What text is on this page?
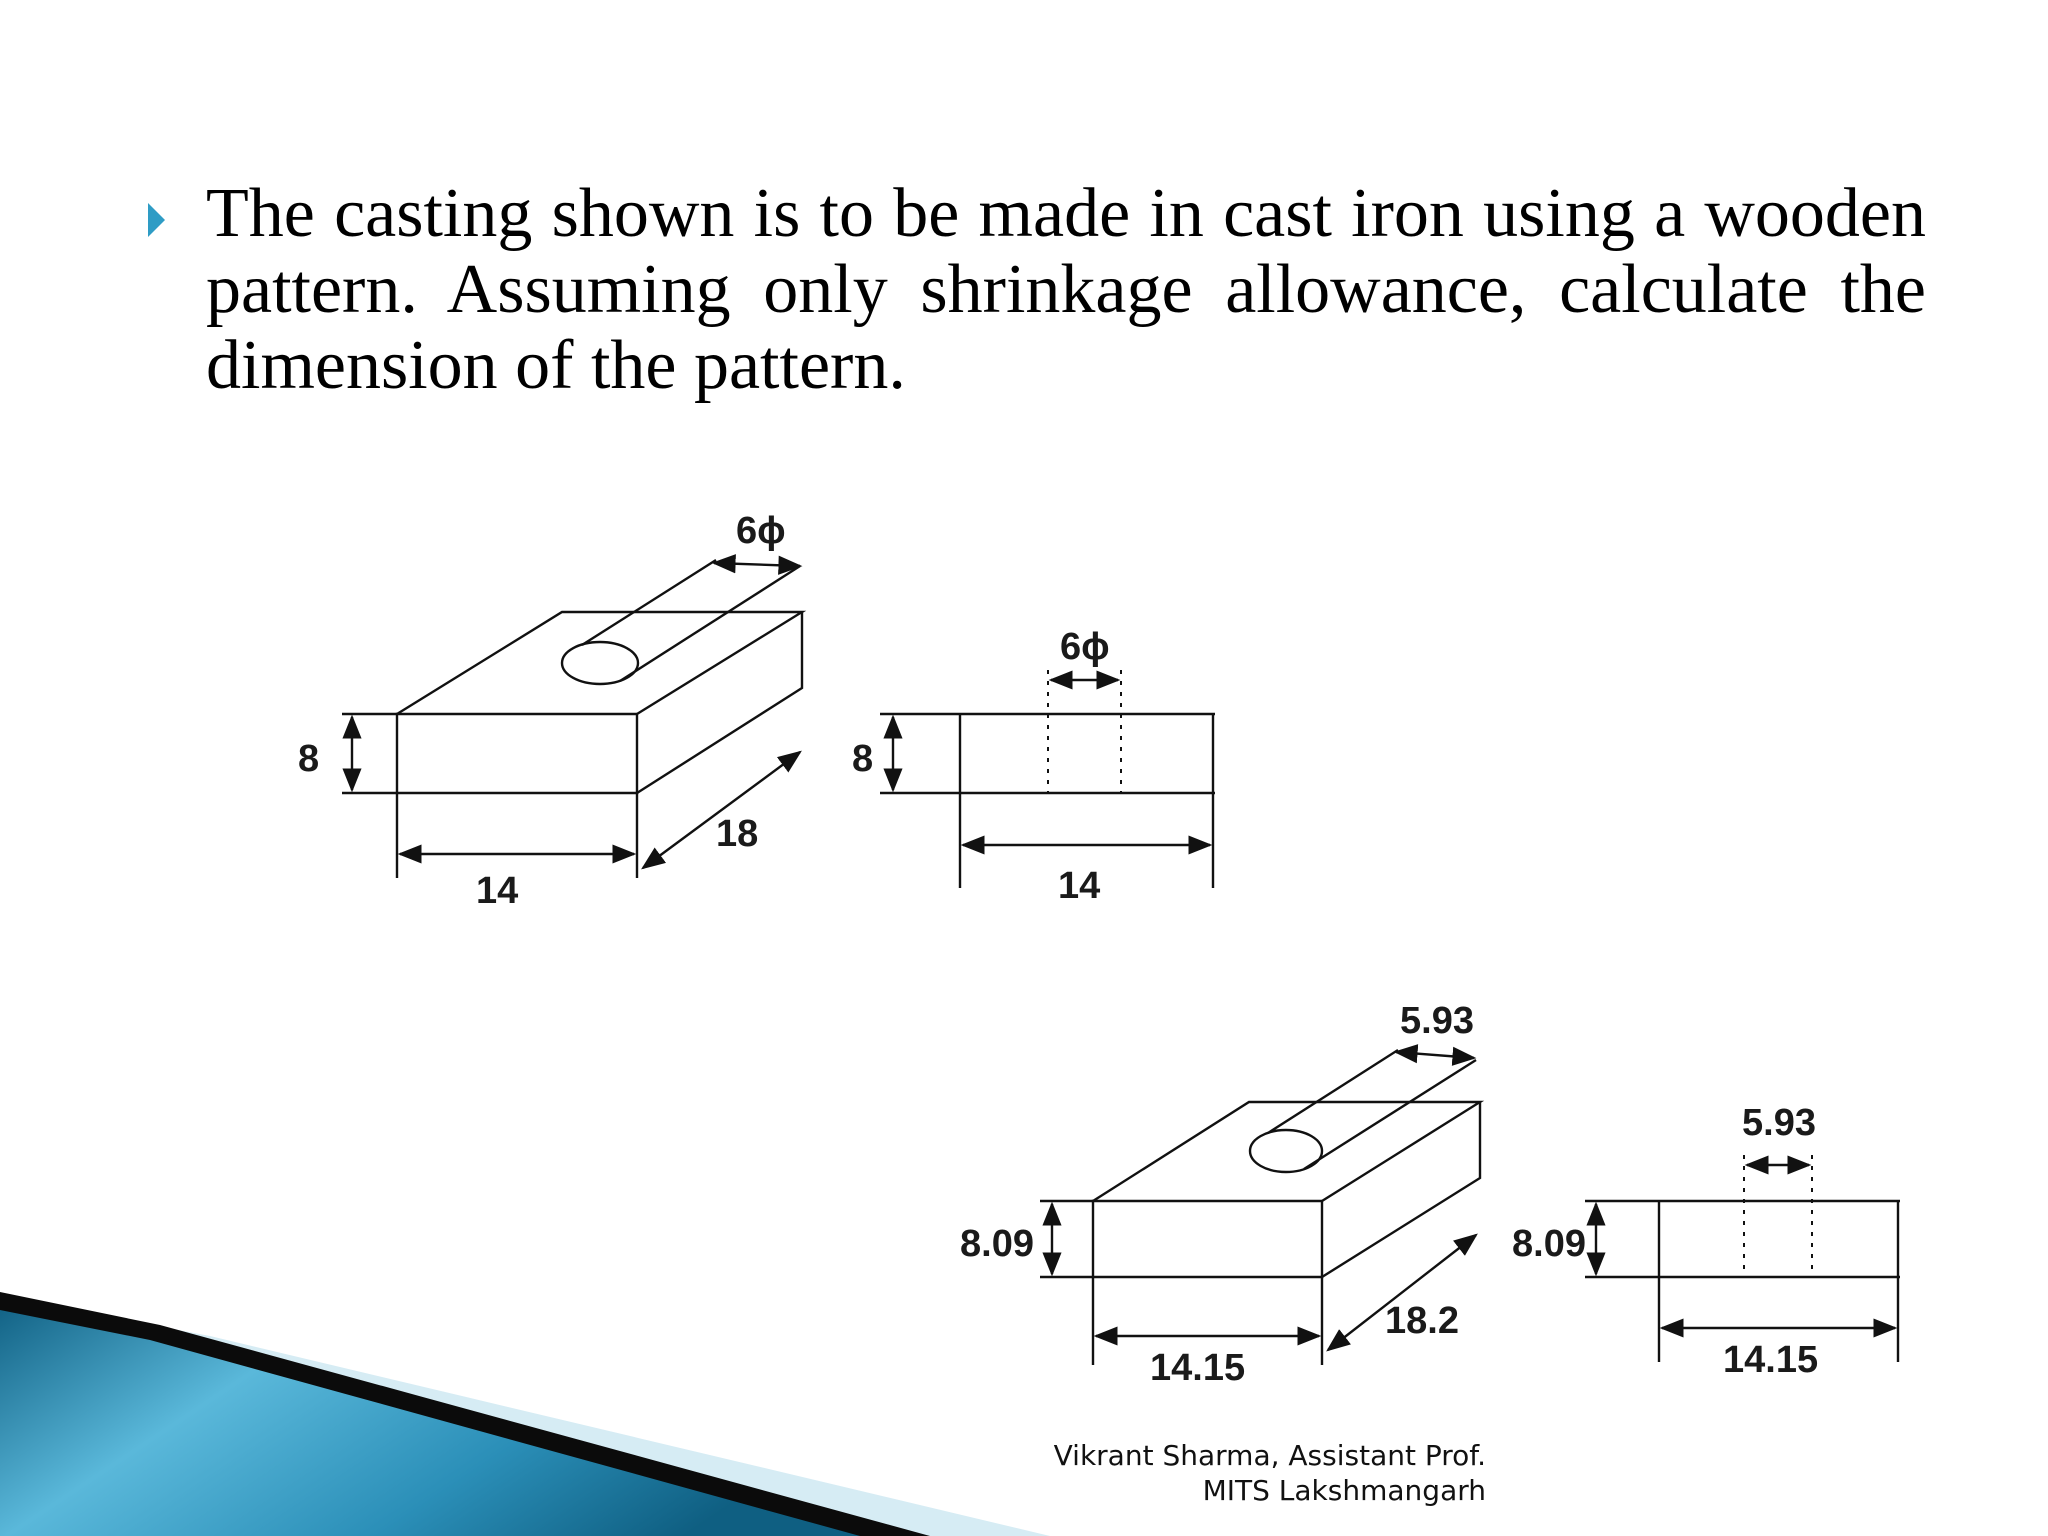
The casting shown is to be made in cast iron using a wooden pattern. Assuming only shrinkage allowance, calculate the dimension of the pattern.
6ϕ
8
14
18
6ϕ
8
14
5.93
8.09
14.15
18.2
5.93
8.09
14.15
Vikrant Sharma, Assistant Prof.
MITS Lakshmangarh
